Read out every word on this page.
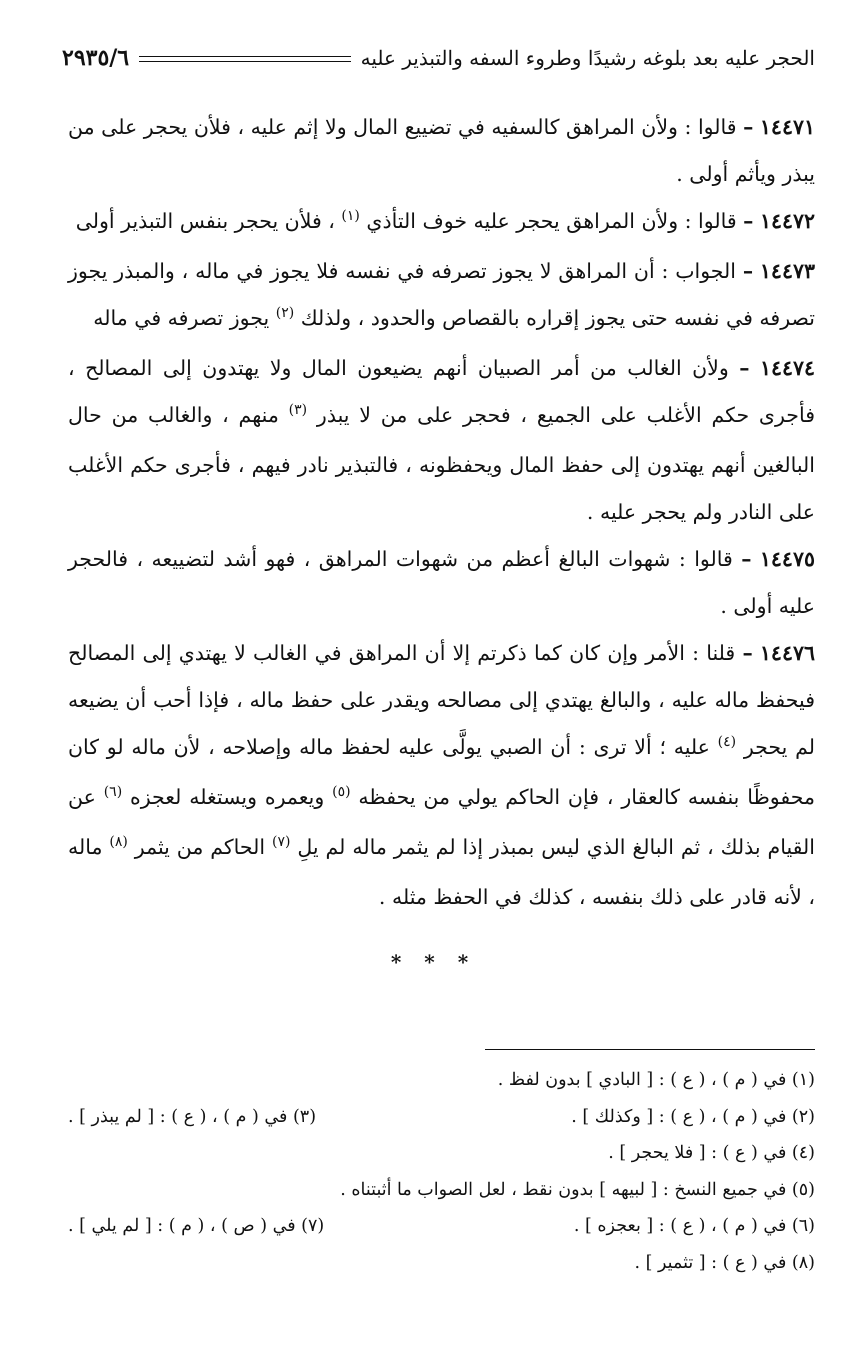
الحجر عليه بعد بلوغه رشيدًا وطروء السفه والتبذير عليه
٢٩٣٥/٦

١٤٤٧١ – قالوا : ولأن المراهق كالسفيه في تضييع المال ولا إثم عليه ، فلأن يحجر على من يبذر ويأثم أولى .

١٤٤٧٢ – قالوا : ولأن المراهق يحجر عليه خوف التأذي $^{(١)}$ ، فلأن يحجر بنفس التبذير أولى

١٤٤٧٣ – الجواب : أن المراهق لا يجوز تصرفه في نفسه فلا يجوز في ماله ، والمبذر يجوز تصرفه في نفسه حتى يجوز إقراره بالقصاص والحدود ، ولذلك $^{(٢)}$ يجوز تصرفه في ماله

١٤٤٧٤ – ولأن الغالب من أمر الصبيان أنهم يضيعون المال ولا يهتدون إلى المصالح ، فأجرى حكم الأغلب على الجميع ، فحجر على من لا يبذر $^{(٣)}$ منهم ، والغالب من حال البالغين أنهم يهتدون إلى حفظ المال ويحفظونه ، فالتبذير نادر فيهم ، فأجرى حكم الأغلب على النادر ولم يحجر عليه .

١٤٤٧٥ – قالوا : شهوات البالغ أعظم من شهوات المراهق ، فهو أشد لتضييعه ، فالحجر عليه أولى .

١٤٤٧٦ – قلنا : الأمر وإن كان كما ذكرتم إلا أن المراهق في الغالب لا يهتدي إلى المصالح فيحفظ ماله عليه ، والبالغ يهتدي إلى مصالحه ويقدر على حفظ ماله ، فإذا أحب أن يضيعه لم يحجر $^{(٤)}$ عليه ؛ ألا ترى : أن الصبي يولَّى عليه لحفظ ماله وإصلاحه ، لأن ماله لو كان محفوظًا بنفسه كالعقار ، فإن الحاكم يولي من يحفظه $^{(٥)}$ ويعمره ويستغله لعجزه $^{(٦)}$ عن القيام بذلك ، ثم البالغ الذي ليس بمبذر إذا لم يثمر ماله لم يلِ $^{(٧)}$ الحاكم من يثمر $^{(٨)}$ ماله ، لأنه قادر على ذلك بنفسه ، كذلك في الحفظ مثله .

* * *
(١) في ( م ) ، ( ع ) : [ البادي ] بدون لفظ .
(٢) في ( م ) ، ( ع ) : [ وكذلك ] .
(٣) في ( م ) ، ( ع ) : [ لم يبذر ] .
(٤) في ( ع ) : [ فلا يحجر ] .
(٥) في جميع النسخ : [ لبيهه ] بدون نقط ، لعل الصواب ما أثبتناه .
(٦) في ( م ) ، ( ع ) : [ بعجزه ] .
(٧) في ( ص ) ، ( م ) : [ لم يلي ] .
(٨) في ( ع ) : [ تثمير ] .
